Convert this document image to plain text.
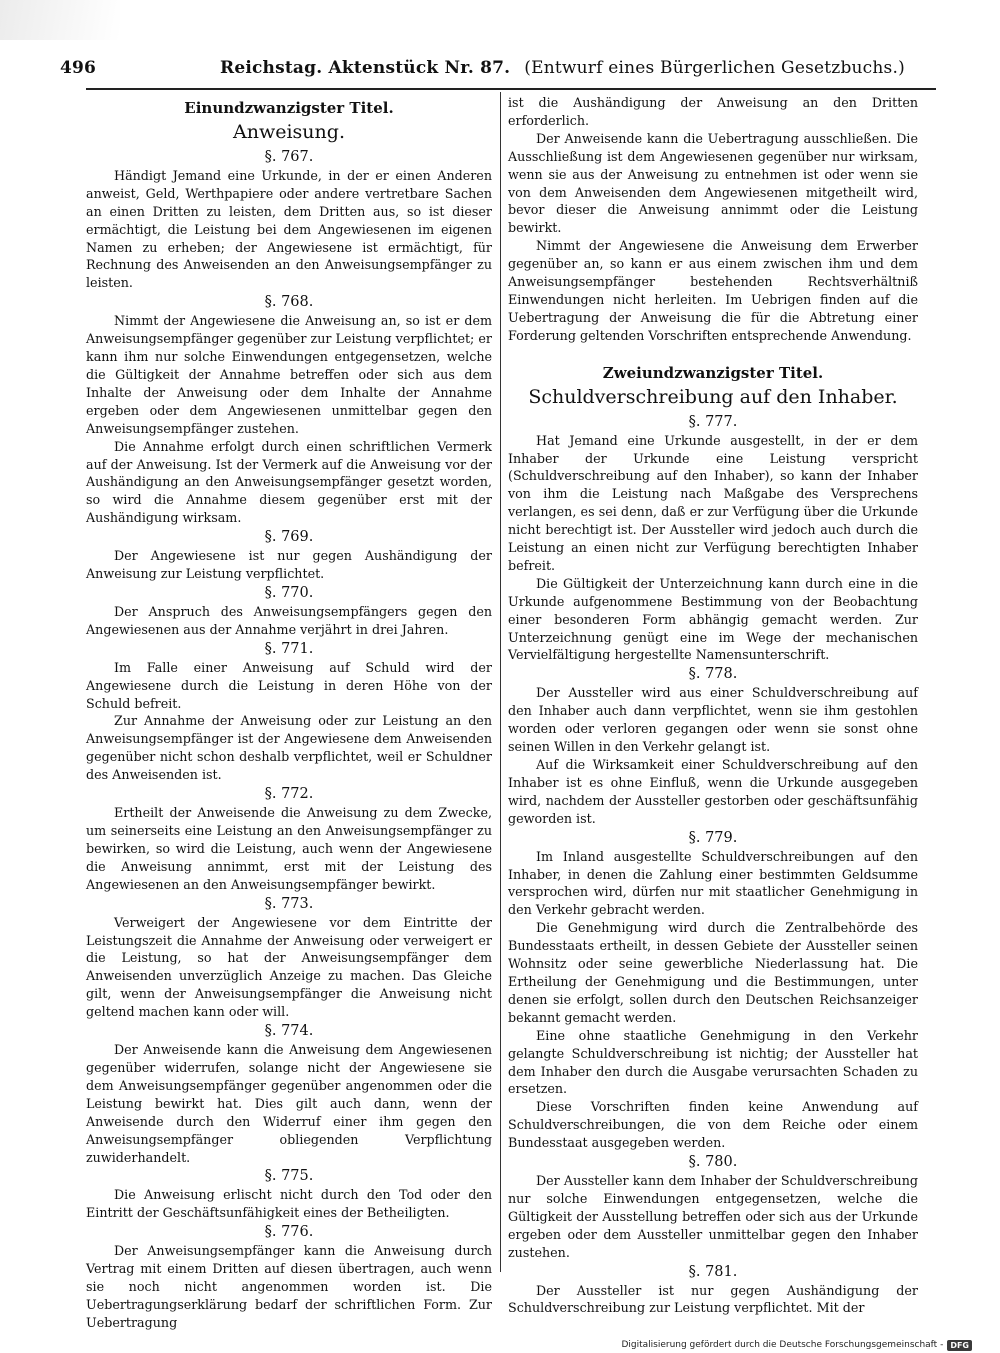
496	Reichstag. Aktenstück Nr. 87. (Entwurf eines Bürgerlichen Gesetzbuchs.)
Einundzwanzigster Titel.
Anweisung.
§. 767.

Händigt Jemand eine Urkunde, in der er einen Anderen anweist, Geld, Werthpapiere oder andere vertretbare Sachen an einen Dritten zu leisten, dem Dritten aus, so ist dieser ermächtigt, die Leistung bei dem Angewiesenen im eigenen Namen zu erheben; der Angewiesene ist ermächtigt, für Rechnung des Anweisenden an den Anweisungsempfänger zu leisten.

§. 768.

Nimmt der Angewiesene die Anweisung an, so ist er dem Anweisungsempfänger gegenüber zur Leistung verpflichtet; er kann ihm nur solche Einwendungen entgegensetzen, welche die Gültigkeit der Annahme betreffen oder sich aus dem Inhalte der Anweisung oder dem Inhalte der Annahme ergeben oder dem Angewiesenen unmittelbar gegen den Anweisungsempfänger zustehen.

Die Annahme erfolgt durch einen schriftlichen Vermerk auf der Anweisung. Ist der Vermerk auf die Anweisung vor der Aushändigung an den Anweisungsempfänger gesetzt worden, so wird die Annahme diesem gegenüber erst mit der Aushändigung wirksam.

§. 769.

Der Angewiesene ist nur gegen Aushändigung der Anweisung zur Leistung verpflichtet.

§. 770.

Der Anspruch des Anweisungsempfängers gegen den Angewiesenen aus der Annahme verjährt in drei Jahren.

§. 771.

Im Falle einer Anweisung auf Schuld wird der Angewiesene durch die Leistung in deren Höhe von der Schuld befreit.

Zur Annahme der Anweisung oder zur Leistung an den Anweisungsempfänger ist der Angewiesene dem Anweisenden gegenüber nicht schon deshalb verpflichtet, weil er Schuldner des Anweisenden ist.

§. 772.

Ertheilt der Anweisende die Anweisung zu dem Zwecke, um seinerseits eine Leistung an den Anweisungsempfänger zu bewirken, so wird die Leistung, auch wenn der Angewiesene die Anweisung annimmt, erst mit der Leistung des Angewiesenen an den Anweisungsempfänger bewirkt.

§. 773.

Verweigert der Angewiesene vor dem Eintritte der Leistungszeit die Annahme der Anweisung oder verweigert er die Leistung, so hat der Anweisungsempfänger dem Anweisenden unverzüglich Anzeige zu machen. Das Gleiche gilt, wenn der Anweisungsempfänger die Anweisung nicht geltend machen kann oder will.

§. 774.

Der Anweisende kann die Anweisung dem Angewiesenen gegenüber widerrufen, solange nicht der Angewiesene sie dem Anweisungsempfänger gegenüber angenommen oder die Leistung bewirkt hat. Dies gilt auch dann, wenn der Anweisende durch den Widerruf einer ihm gegen den Anweisungsempfänger obliegenden Verpflichtung zuwiderhandelt.

§. 775.

Die Anweisung erlischt nicht durch den Tod oder den Eintritt der Geschäftsunfähigkeit eines der Betheiligten.

§. 776.

Der Anweisungsempfänger kann die Anweisung durch Vertrag mit einem Dritten auf diesen übertragen, auch wenn sie noch nicht angenommen worden ist. Die Uebertragungserklärung bedarf der schriftlichen Form. Zur Uebertragung

ist die Aushändigung der Anweisung an den Dritten erforderlich.

Der Anweisende kann die Uebertragung ausschließen. Die Ausschließung ist dem Angewiesenen gegenüber nur wirksam, wenn sie aus der Anweisung zu entnehmen ist oder wenn sie von dem Anweisenden dem Angewiesenen mitgetheilt wird, bevor dieser die Anweisung annimmt oder die Leistung bewirkt.

Nimmt der Angewiesene die Anweisung dem Erwerber gegenüber an, so kann er aus einem zwischen ihm und dem Anweisungsempfänger bestehenden Rechtsverhältniß Einwendungen nicht herleiten. Im Uebrigen finden auf die Uebertragung der Anweisung die für die Abtretung einer Forderung geltenden Vorschriften entsprechende Anwendung.

Zweiundzwanzigster Titel.
Schuldverschreibung auf den Inhaber.
§. 777.

Hat Jemand eine Urkunde ausgestellt, in der er dem Inhaber der Urkunde eine Leistung verspricht (Schuldverschreibung auf den Inhaber), so kann der Inhaber von ihm die Leistung nach Maßgabe des Versprechens verlangen, es sei denn, daß er zur Verfügung über die Urkunde nicht berechtigt ist. Der Aussteller wird jedoch auch durch die Leistung an einen nicht zur Verfügung berechtigten Inhaber befreit.

Die Gültigkeit der Unterzeichnung kann durch eine in die Urkunde aufgenommene Bestimmung von der Beobachtung einer besonderen Form abhängig gemacht werden. Zur Unterzeichnung genügt eine im Wege der mechanischen Vervielfältigung hergestellte Namensunterschrift.

§. 778.

Der Aussteller wird aus einer Schuldverschreibung auf den Inhaber auch dann verpflichtet, wenn sie ihm gestohlen worden oder verloren gegangen oder wenn sie sonst ohne seinen Willen in den Verkehr gelangt ist.

Auf die Wirksamkeit einer Schuldverschreibung auf den Inhaber ist es ohne Einfluß, wenn die Urkunde ausgegeben wird, nachdem der Aussteller gestorben oder geschäftsunfähig geworden ist.

§. 779.

Im Inland ausgestellte Schuldverschreibungen auf den Inhaber, in denen die Zahlung einer bestimmten Geldsumme versprochen wird, dürfen nur mit staatlicher Genehmigung in den Verkehr gebracht werden.

Die Genehmigung wird durch die Zentralbehörde des Bundesstaats ertheilt, in dessen Gebiete der Aussteller seinen Wohnsitz oder seine gewerbliche Niederlassung hat. Die Ertheilung der Genehmigung und die Bestimmungen, unter denen sie erfolgt, sollen durch den Deutschen Reichsanzeiger bekannt gemacht werden.

Eine ohne staatliche Genehmigung in den Verkehr gelangte Schuldverschreibung ist nichtig; der Aussteller hat dem Inhaber den durch die Ausgabe verursachten Schaden zu ersetzen.

Diese Vorschriften finden keine Anwendung auf Schuldverschreibungen, die von dem Reiche oder einem Bundesstaat ausgegeben werden.

§. 780.

Der Aussteller kann dem Inhaber der Schuldverschreibung nur solche Einwendungen entgegensetzen, welche die Gültigkeit der Ausstellung betreffen oder sich aus der Urkunde ergeben oder dem Aussteller unmittelbar gegen den Inhaber zustehen.

§. 781.

Der Aussteller ist nur gegen Aushändigung der Schuldverschreibung zur Leistung verpflichtet. Mit der

Digitalisierung gefördert durch die Deutsche Forschungsgemeinschaft - DFG
